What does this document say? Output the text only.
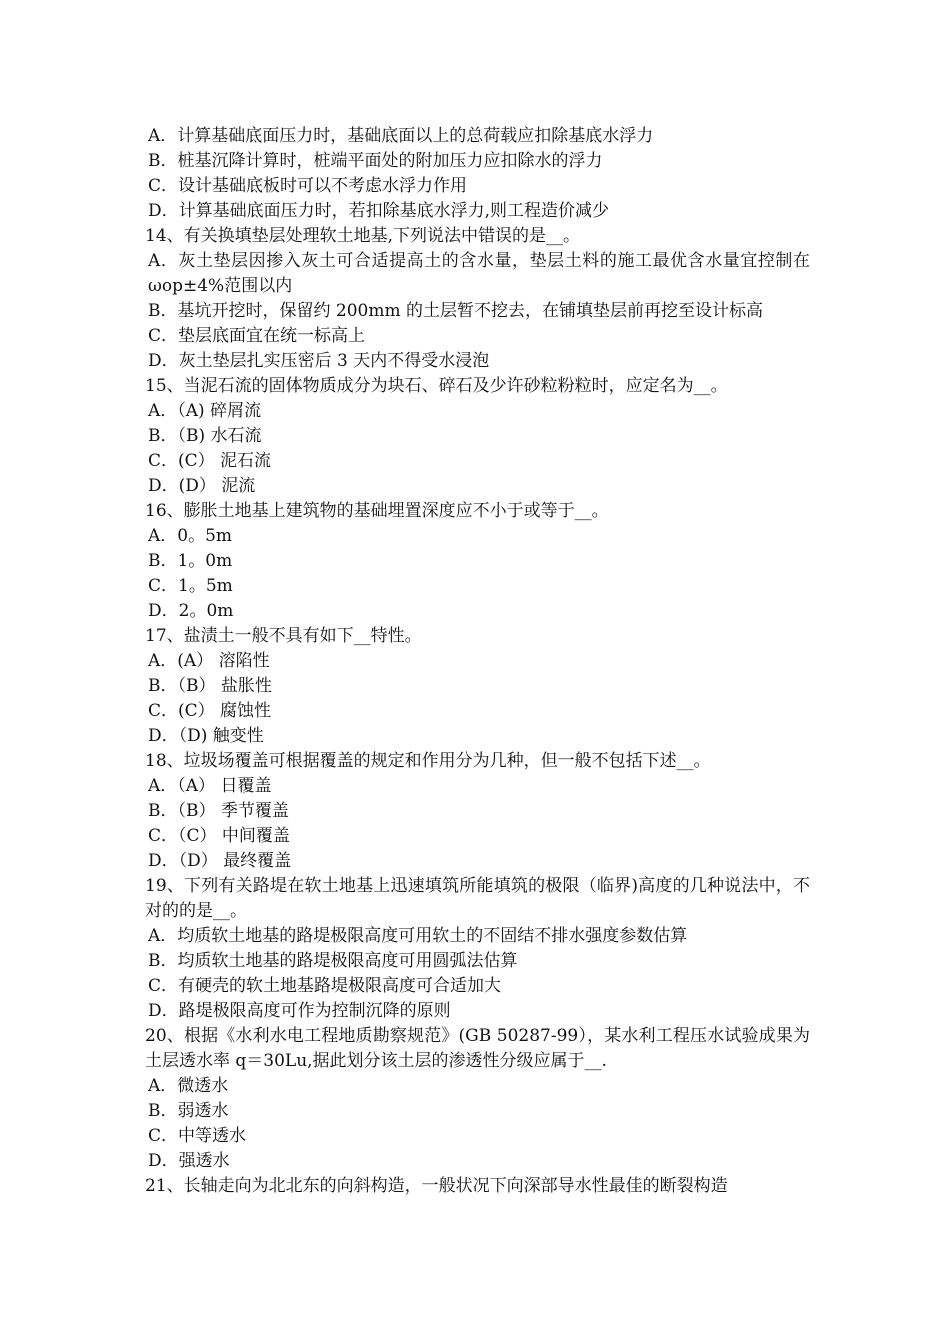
A．计算基础底面压力时，基础底面以上的总荷载应扣除基底水浮力
B．桩基沉降计算时，桩端平面处的附加压力应扣除水的浮力
C．设计基础底板时可以不考虑水浮力作用
D．计算基础底面压力时，若扣除基底水浮力,则工程造价减少
14、有关换填垫层处理软土地基,下列说法中错误的是__。
A．灰土垫层因掺入灰土可合适提高土的含水量，垫层土料的施工最优含水量宜控制在 ωop±4%范围以内
B．基坑开挖时，保留约 200mm 的土层暂不挖去，在铺填垫层前再挖至设计标高
C．垫层底面宜在统一标高上
D．灰土垫层扎实压密后 3 天内不得受水浸泡
15、当泥石流的固体物质成分为块石、碎石及少许砂粒粉粒时，应定名为__。
A．（A) 碎屑流
B．（B) 水石流
C．(C） 泥石流
D．(D） 泥流
16、膨胀土地基上建筑物的基础埋置深度应不小于或等于__。
A．0。5m
B．1。0m
C．1。5m
D．2。0m
17、盐渍土一般不具有如下__特性。
A．(A） 溶陷性
B．（B） 盐胀性
C．(C） 腐蚀性
D．（D) 触变性
18、垃圾场覆盖可根据覆盖的规定和作用分为几种，但一般不包括下述__。
A．（A） 日覆盖
B．（B） 季节覆盖
C．（C） 中间覆盖
D．（D） 最终覆盖
19、下列有关路堤在软土地基上迅速填筑所能填筑的极限（临界)高度的几种说法中，不对的的是__。
A．均质软土地基的路堤极限高度可用软土的不固结不排水强度参数估算
B．均质软土地基的路堤极限高度可用圆弧法估算
C．有硬壳的软土地基路堤极限高度可合适加大
D．路堤极限高度可作为控制沉降的原则
20、根据《水利水电工程地质勘察规范》(GB 50287-99），某水利工程压水试验成果为土层透水率 q＝30Lu,据此划分该土层的渗透性分级应属于__.
A．微透水
B．弱透水
C．中等透水
D．强透水
21、长轴走向为北北东的向斜构造，一般状况下向深部导水性最佳的断裂构造
